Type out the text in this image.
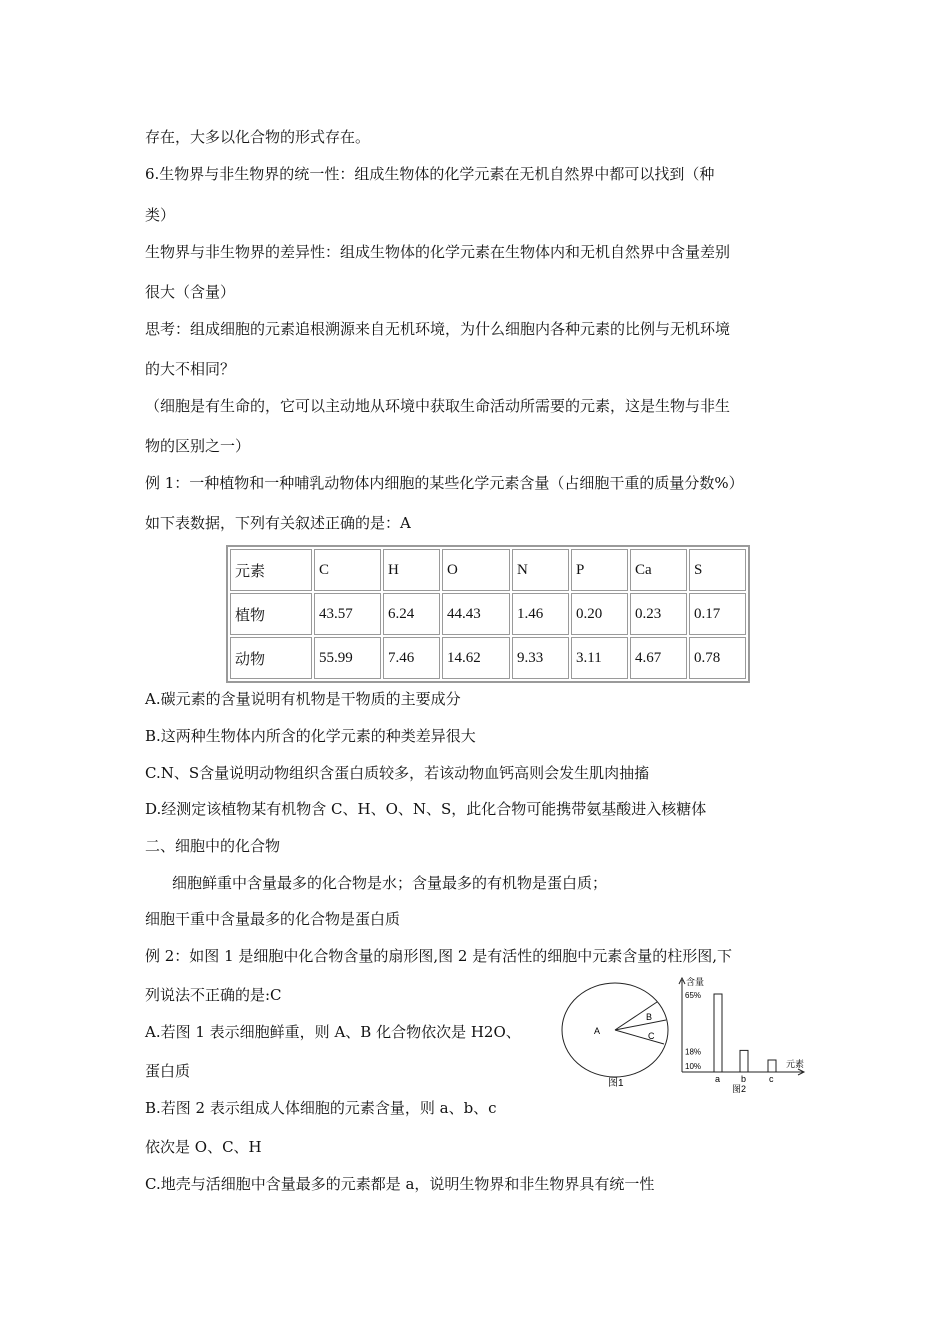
存在，大多以化合物的形式存在。
6.生物界与非生物界的统一性：组成生物体的化学元素在无机自然界中都可以找到（种
类）
生物界与非生物界的差异性：组成生物体的化学元素在生物体内和无机自然界中含量差别
很大（含量）
思考：组成细胞的元素追根溯源来自无机环境，为什么细胞内各种元素的比例与无机环境
的大不相同？
（细胞是有生命的，它可以主动地从环境中获取生命活动所需要的元素，这是生物与非生
物的区别之一）
例 1：一种植物和一种哺乳动物体内细胞的某些化学元素含量（占细胞干重的质量分数%）
如下表数据，下列有关叙述正确的是：A
元素	C	H	O	N	P	Ca	S
植物	43.57	6.24	44.43	1.46	0.20	0.23	0.17
动物	55.99	7.46	14.62	9.33	3.11	4.67	0.78
A.碳元素的含量说明有机物是干物质的主要成分
B.这两种生物体内所含的化学元素的种类差异很大
C.N、S含量说明动物组织含蛋白质较多，若该动物血钙高则会发生肌肉抽搐
D.经测定该植物某有机物含 C、H、O、N、S，此化合物可能携带氨基酸进入核糖体
二、细胞中的化合物
细胞鲜重中含量最多的化合物是水；含量最多的有机物是蛋白质；
细胞干重中含量最多的化合物是蛋白质
例 2：如图 1 是细胞中化合物含量的扇形图,图 2 是有活性的细胞中元素含量的柱形图,下
列说法不正确的是:C
A.若图 1 表示细胞鲜重，则 A、B 化合物依次是 H2O、
蛋白质
B.若图 2 表示组成人体细胞的元素含量，则 a、b、c
依次是 O、C、H
C.地壳与活细胞中含量最多的元素都是 a，说明生物界和非生物界具有统一性
A
B
C
图1
含量
元素
图2
a
65%
b
18%
c
10%
